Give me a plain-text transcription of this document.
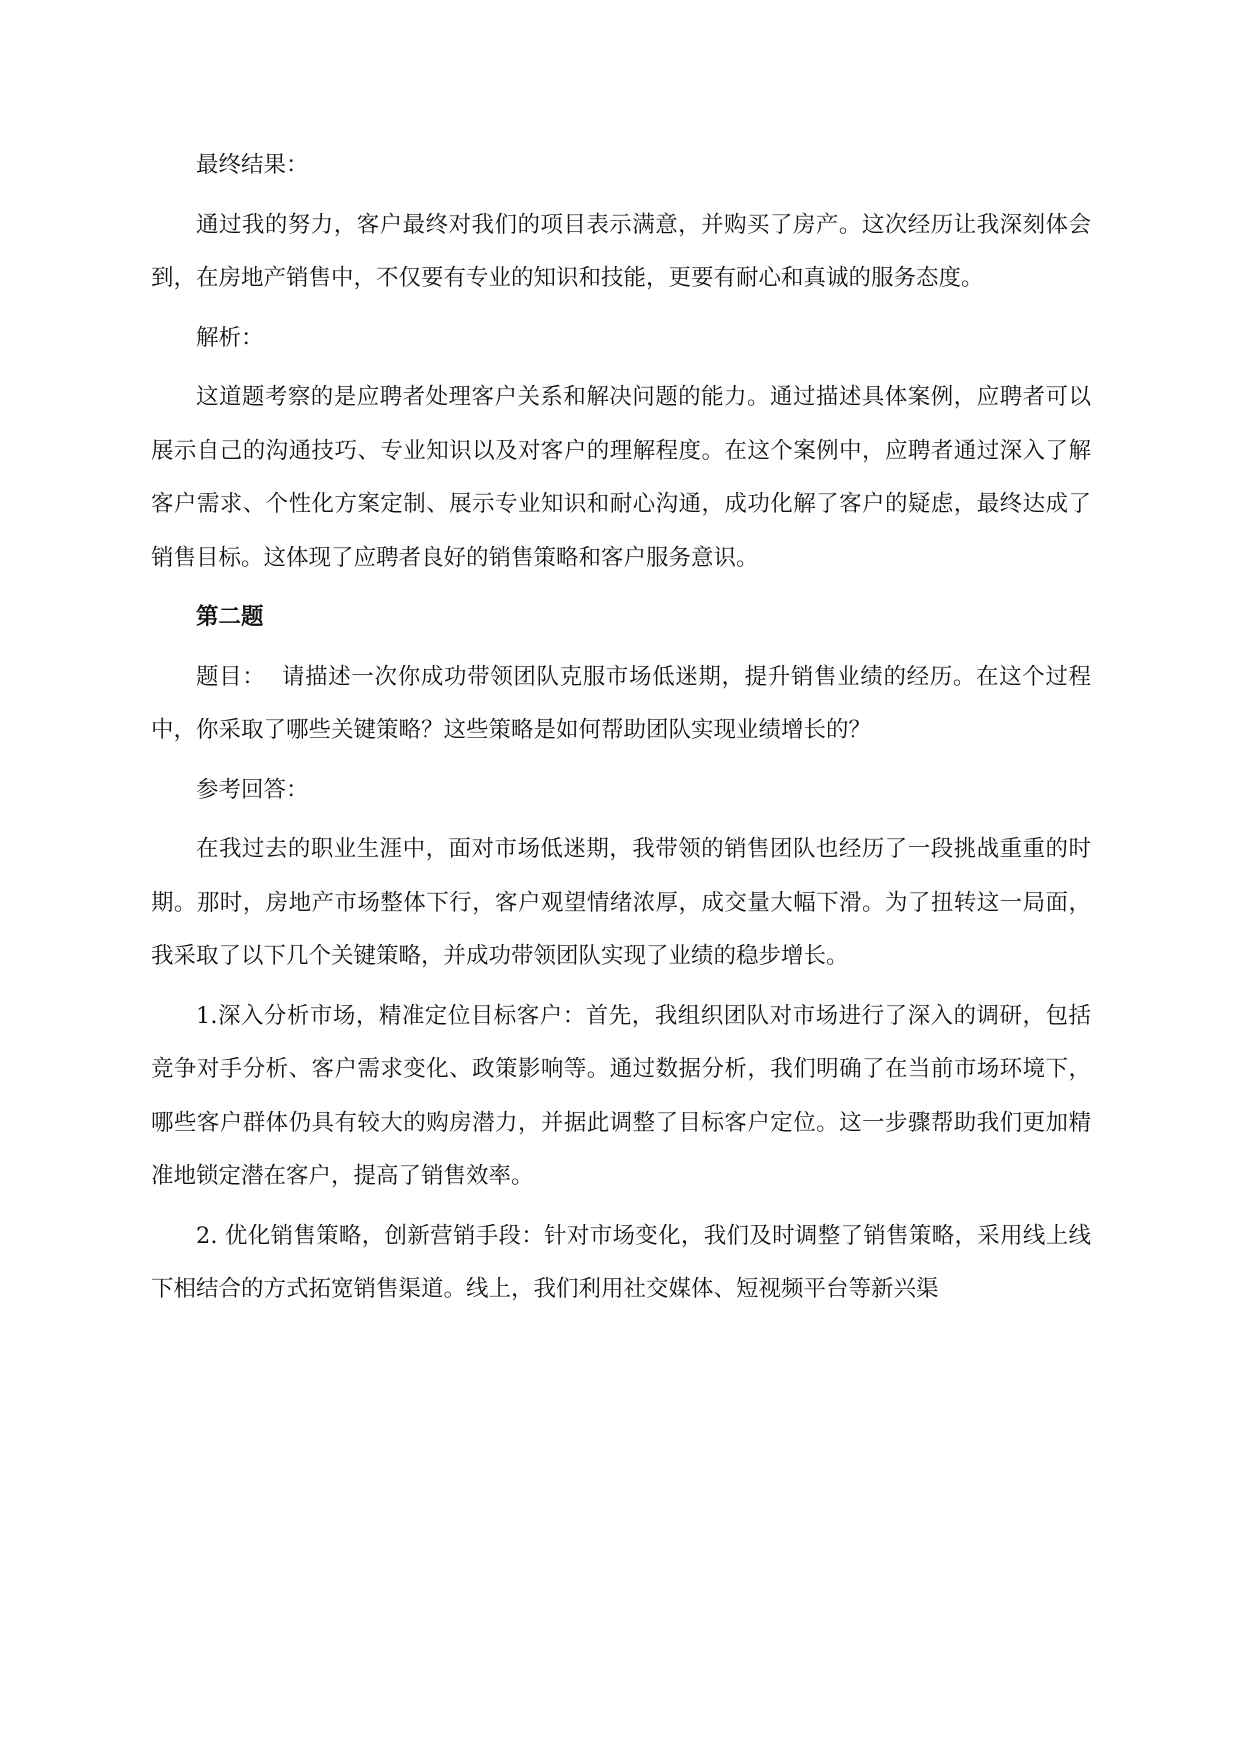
最终结果：

通过我的努力，客户最终对我们的项目表示满意，并购买了房产。这次经历让我深刻体会到，在房地产销售中，不仅要有专业的知识和技能，更要有耐心和真诚的服务态度。

解析：

这道题考察的是应聘者处理客户关系和解决问题的能力。通过描述具体案例，应聘者可以展示自己的沟通技巧、专业知识以及对客户的理解程度。在这个案例中，应聘者通过深入了解客户需求、个性化方案定制、展示专业知识和耐心沟通，成功化解了客户的疑虑，最终达成了销售目标。这体现了应聘者良好的销售策略和客户服务意识。

第二题

题目： 请描述一次你成功带领团队克服市场低迷期，提升销售业绩的经历。在这个过程中，你采取了哪些关键策略？这些策略是如何帮助团队实现业绩增长的？

参考回答：

在我过去的职业生涯中，面对市场低迷期，我带领的销售团队也经历了一段挑战重重的时期。那时，房地产市场整体下行，客户观望情绪浓厚，成交量大幅下滑。为了扭转这一局面，我采取了以下几个关键策略，并成功带领团队实现了业绩的稳步增长。

1.深入分析市场，精准定位目标客户：首先，我组织团队对市场进行了深入的调研，包括竞争对手分析、客户需求变化、政策影响等。通过数据分析，我们明确了在当前市场环境下，哪些客户群体仍具有较大的购房潜力，并据此调整了目标客户定位。这一步骤帮助我们更加精准地锁定潜在客户，提高了销售效率。

2. 优化销售策略，创新营销手段：针对市场变化，我们及时调整了销售策略，采用线上线下相结合的方式拓宽销售渠道。线上，我们利用社交媒体、短视频平台等新兴渠
